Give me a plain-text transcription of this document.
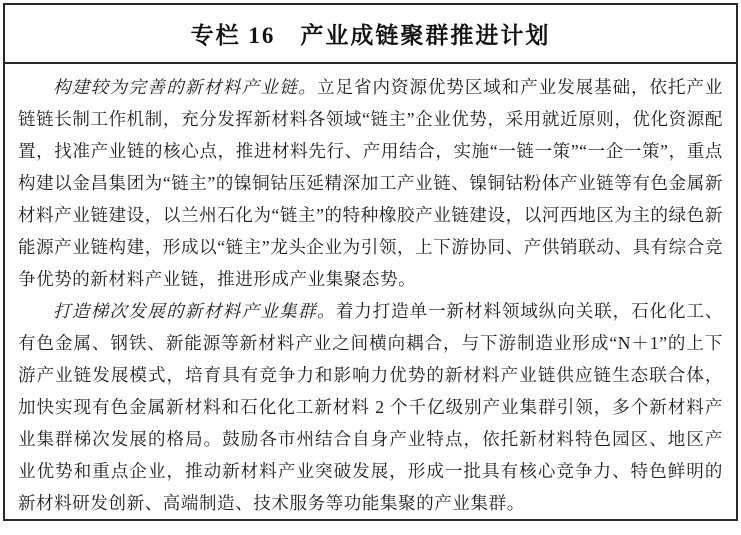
专栏 16　产业成链聚群推进计划

构建较为完善的新材料产业链。立足省内资源优势区域和产业发展基础，依托产业链链长制工作机制，充分发挥新材料各领域“链主”企业优势，采用就近原则，优化资源配置，找准产业链的核心点，推进材料先行、产用结合，实施“一链一策”“一企一策”，重点构建以金昌集团为“链主”的镍铜钴压延精深加工产业链、镍铜钴粉体产业链等有色金属新材料产业链建设，以兰州石化为“链主”的特种橡胶产业链建设，以河西地区为主的绿色新能源产业链构建，形成以“链主”龙头企业为引领，上下游协同、产供销联动、具有综合竞争优势的新材料产业链，推进形成产业集聚态势。

打造梯次发展的新材料产业集群。着力打造单一新材料领域纵向关联，石化化工、有色金属、钢铁、新能源等新材料产业之间横向耦合，与下游制造业形成“N＋1”的上下游产业链发展模式，培育具有竞争力和影响力优势的新材料产业链供应链生态联合体，加快实现有色金属新材料和石化化工新材料 2 个千亿级别产业集群引领，多个新材料产业集群梯次发展的格局。鼓励各市州结合自身产业特点，依托新材料特色园区、地区产业优势和重点企业，推动新材料产业突破发展，形成一批具有核心竞争力、特色鲜明的新材料研发创新、高端制造、技术服务等功能集聚的产业集群。
